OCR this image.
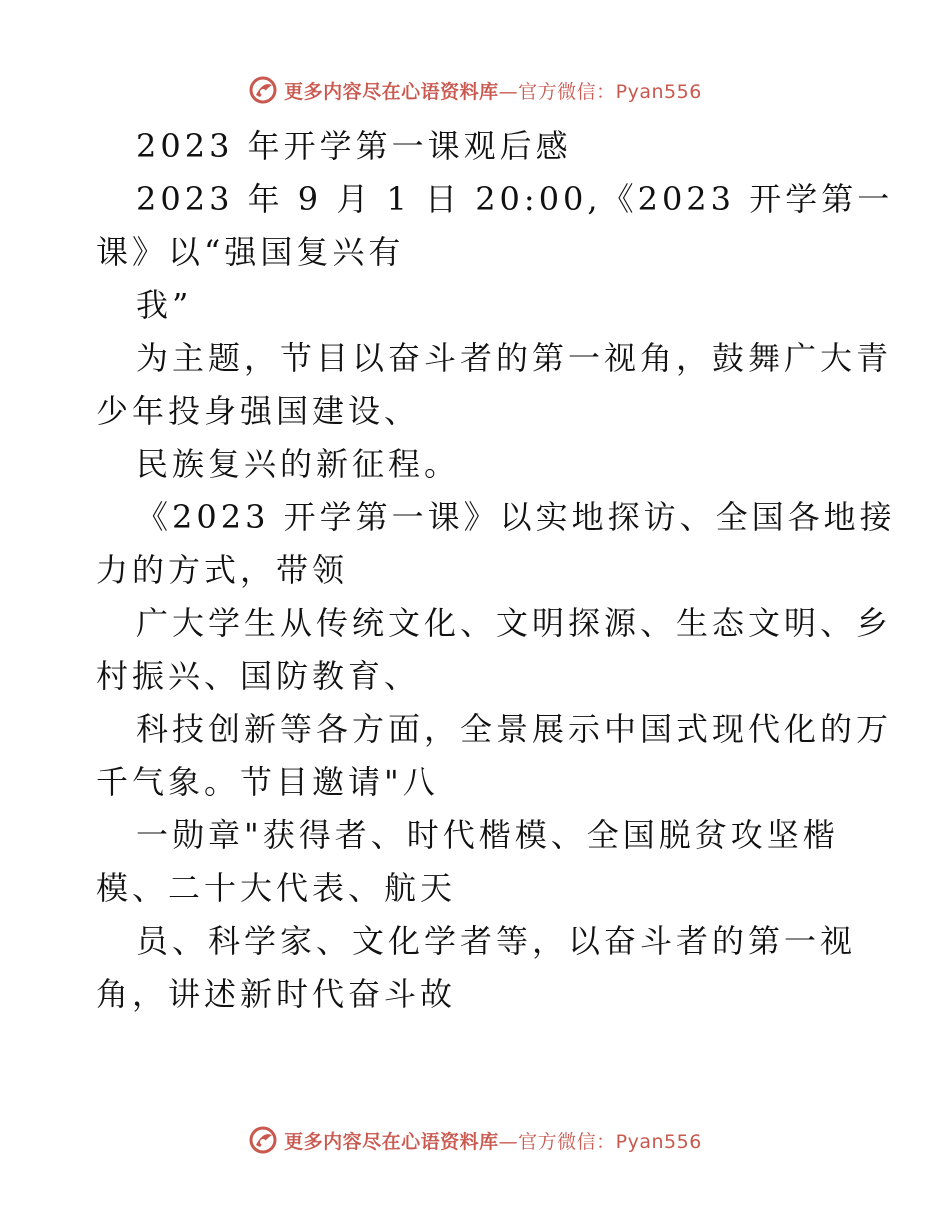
更多内容尽在心语资料库—官方微信：Pyan556
2023 年开学第一课观后感
2023 年 9 月 1 日 20:00,《2023 开学第一
课》以“强国复兴有
我”
为主题，节目以奋斗者的第一视角，鼓舞广大青
少年投身强国建设、
民族复兴的新征程。
《2023 开学第一课》以实地探访、全国各地接
力的方式，带领
广大学生从传统文化、文明探源、生态文明、乡
村振兴、国防教育、
科技创新等各方面，全景展示中国式现代化的万
千气象。节目邀请"八
一勋章"获得者、时代楷模、全国脱贫攻坚楷
模、二十大代表、航天
员、科学家、文化学者等，以奋斗者的第一视
角，讲述新时代奋斗故
更多内容尽在心语资料库—官方微信：Pyan556
